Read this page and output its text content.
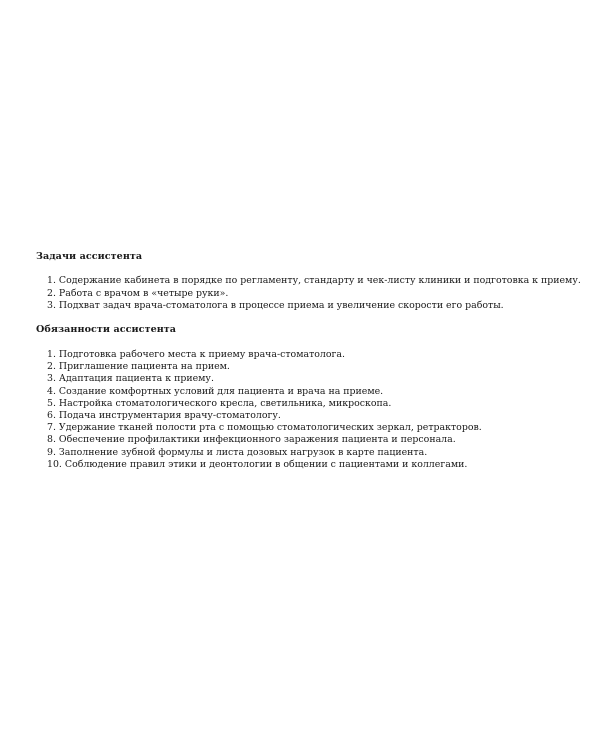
Задачи ассистента
1. Содержание кабинета в порядке по регламенту, стандарту и чек-листу клиники и подготовка к приему.
2. Работа с врачом в «четыре руки».
3. Подхват задач врача-стоматолога в процессе приема и увеличение скорости его работы.
Обязанности ассистента
1. Подготовка рабочего места к приему врача-стоматолога.
2. Приглашение пациента на прием.
3. Адаптация пациента к приему.
4. Создание комфортных условий для пациента и врача на приеме.
5. Настройка стоматологического кресла, светильника, микроскопа.
6. Подача инструментария врачу-стоматологу.
7. Удержание тканей полости рта с помощью стоматологических зеркал, ретракторов.
8. Обеспечение профилактики инфекционного заражения пациента и персонала.
9. Заполнение зубной формулы и листа дозовых нагрузок в карте пациента.
10. Соблюдение правил этики и деонтологии в общении с пациентами и коллегами.
